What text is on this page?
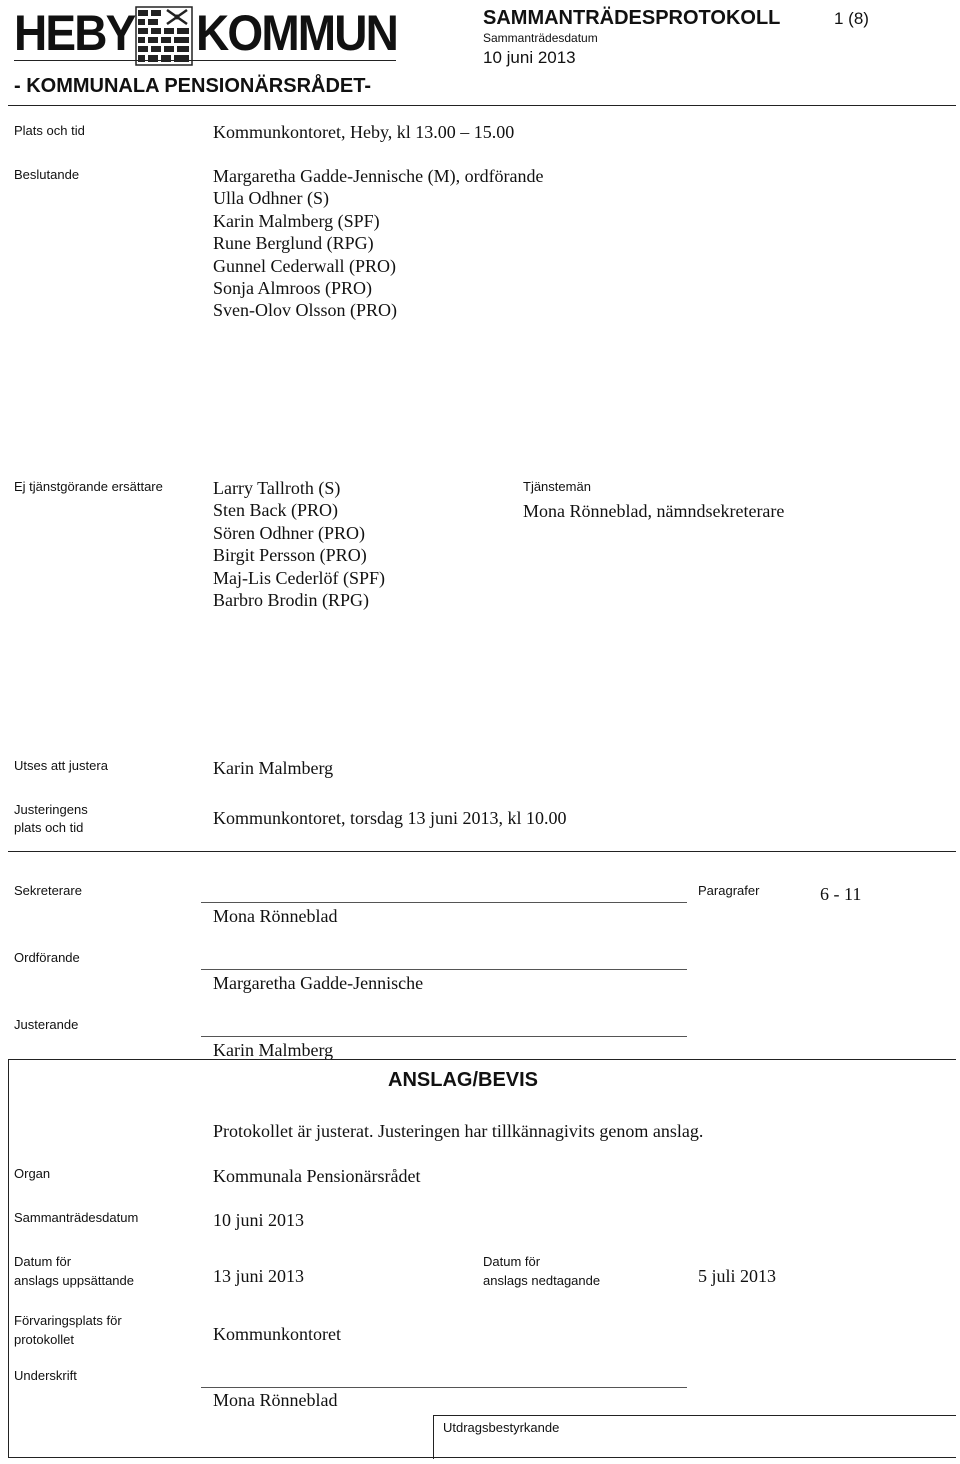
HEBY KOMMUN
- KOMMUNALA PENSIONÄRSRÅDET-
SAMMANTRÄDESPROTOKOLL
Sammanträdesdatum
10 juni 2013
1 (8)
Plats och tid	Kommunkontoret, Heby, kl 13.00 – 15.00
Beslutande	Margaretha Gadde-Jennische (M), ordförande
Ulla Odhner (S)
Karin Malmberg (SPF)
Rune Berglund (RPG)
Gunnel Cederwall (PRO)
Sonja Almroos (PRO)
Sven-Olov Olsson (PRO)
Ej tjänstgörande ersättare	Larry Tallroth (S)
Sten Back (PRO)
Sören Odhner (PRO)
Birgit Persson (PRO)
Maj-Lis Cederlöf (SPF)
Barbro Brodin (RPG)
Tjänstemän
Mona Rönneblad, nämndsekreterare
Utses att justera	Karin Malmberg
Justeringens
plats och tid	Kommunkontoret, torsdag 13 juni 2013, kl 10.00
Sekreterare
Mona Rönneblad
Paragrafer	6 - 11
Ordförande
Margaretha Gadde-Jennische
Justerande
Karin Malmberg
ANSLAG/BEVIS
Protokollet är justerat. Justeringen har tillkännagivits genom anslag.
Organ	Kommunala Pensionärsrådet
Sammanträdesdatum	10 juni 2013
Datum för
anslags uppsättande	13 juni 2013
Datum för
anslags nedtagande	5 juli 2013
Förvaringsplats för
protokollet	Kommunkontoret
Underskrift
Mona Rönneblad
Utdragsbestyrkande
